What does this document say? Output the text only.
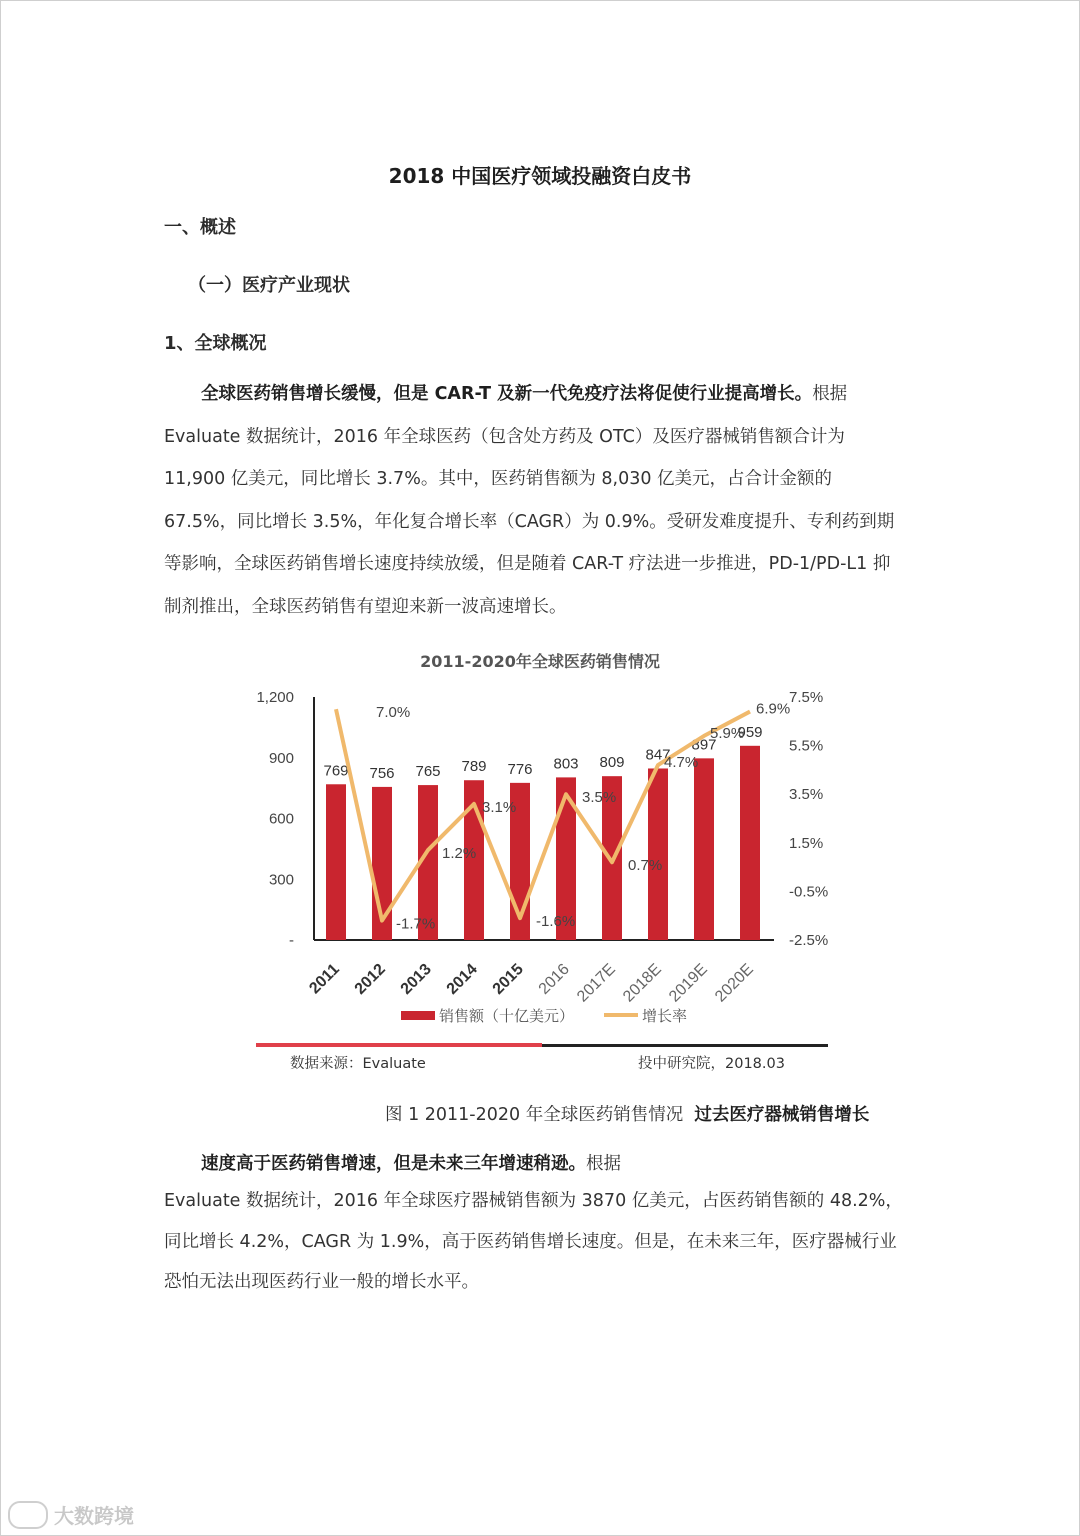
2018 中国医疗领域投融资白皮书
一、概述
（一）医疗产业现状
1、全球概况

全球医药销售增长缓慢，但是 CAR-T 及新一代免疫疗法将促使行业提高增长。根据 Evaluate 数据统计，2016 年全球医药（包含处方药及 OTC）及医疗器械销售额合计为 11,900 亿美元，同比增长 3.7%。其中，医药销售额为 8,030 亿美元，占合计金额的 67.5%，同比增长 3.5%，年化复合增长率（CAGR）为 0.9%。受研发难度提升、专利药到期等影响，全球医药销售增长速度持续放缓，但是随着 CAR-T 疗法进一步推进，PD-1/PD-L1 抑制剂推出，全球医药销售有望迎来新一波高速增长。

2011-2020年全球医药销售情况
-
300
600
900
1,200
-2.5%
-0.5%
1.5%
3.5%
5.5%
7.5%
769
2011
756
2012
765
2013
789
2014
776
2015
803
2016
809
2017E
847
2018E
897
2019E
959
2020E
7.0%
-1.7%
1.2%
3.1%
-1.6%
3.5%
0.7%
4.7%
5.9%
6.9%
销售额（十亿美元）	增长率
数据来源：Evaluate	投中研究院，2018.03
图 1 2011-2020 年全球医药销售情况 过去医疗器械销售增长
速度高于医药销售增速，但是未来三年增速稍逊。根据

Evaluate 数据统计，2016 年全球医疗器械销售额为 3870 亿美元，占医药销售额的 48.2%，同比增长 4.2%，CAGR 为 1.9%，高于医药销售增长速度。但是，在未来三年，医疗器械行业恐怕无法出现医药行业一般的增长水平。

大数跨境
